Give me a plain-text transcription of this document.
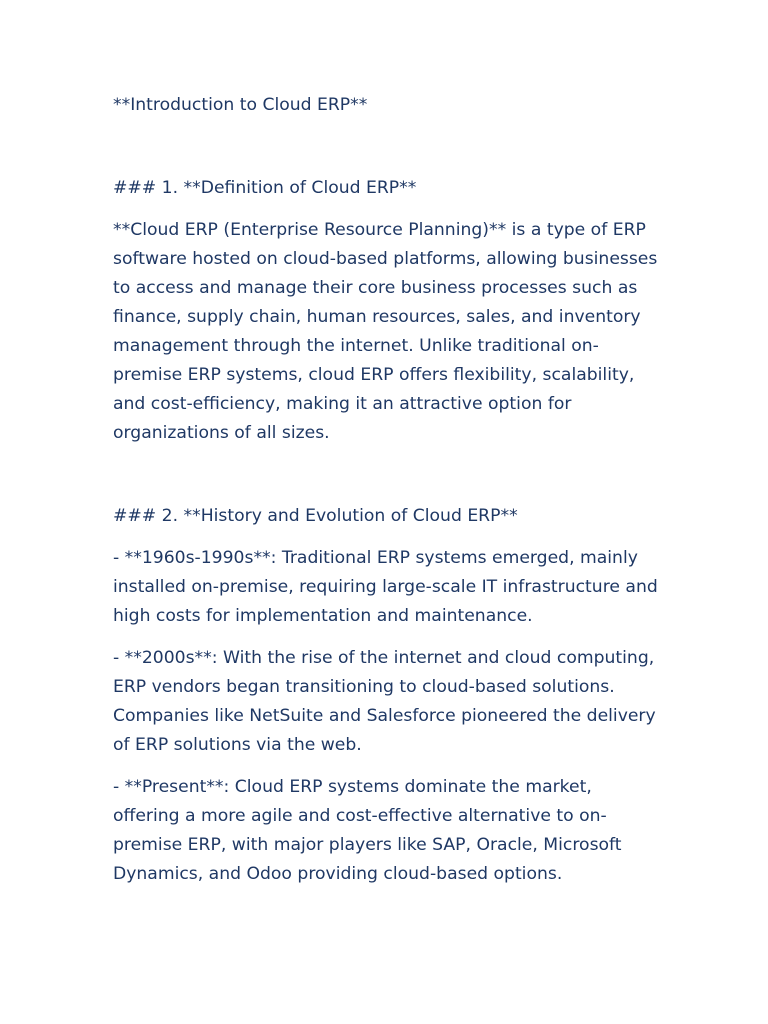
**Introduction to Cloud ERP**

### 1. **Definition of Cloud ERP**

**Cloud ERP (Enterprise Resource Planning)** is a type of ERP software hosted on cloud-based platforms, allowing businesses to access and manage their core business processes such as finance, supply chain, human resources, sales, and inventory management through the internet. Unlike traditional on-premise ERP systems, cloud ERP offers flexibility, scalability, and cost-efficiency, making it an attractive option for organizations of all sizes.

### 2. **History and Evolution of Cloud ERP**

- **1960s-1990s**: Traditional ERP systems emerged, mainly installed on-premise, requiring large-scale IT infrastructure and high costs for implementation and maintenance.

- **2000s**: With the rise of the internet and cloud computing, ERP vendors began transitioning to cloud-based solutions. Companies like NetSuite and Salesforce pioneered the delivery of ERP solutions via the web.

- **Present**: Cloud ERP systems dominate the market, offering a more agile and cost-effective alternative to on-premise ERP, with major players like SAP, Oracle, Microsoft Dynamics, and Odoo providing cloud-based options.
